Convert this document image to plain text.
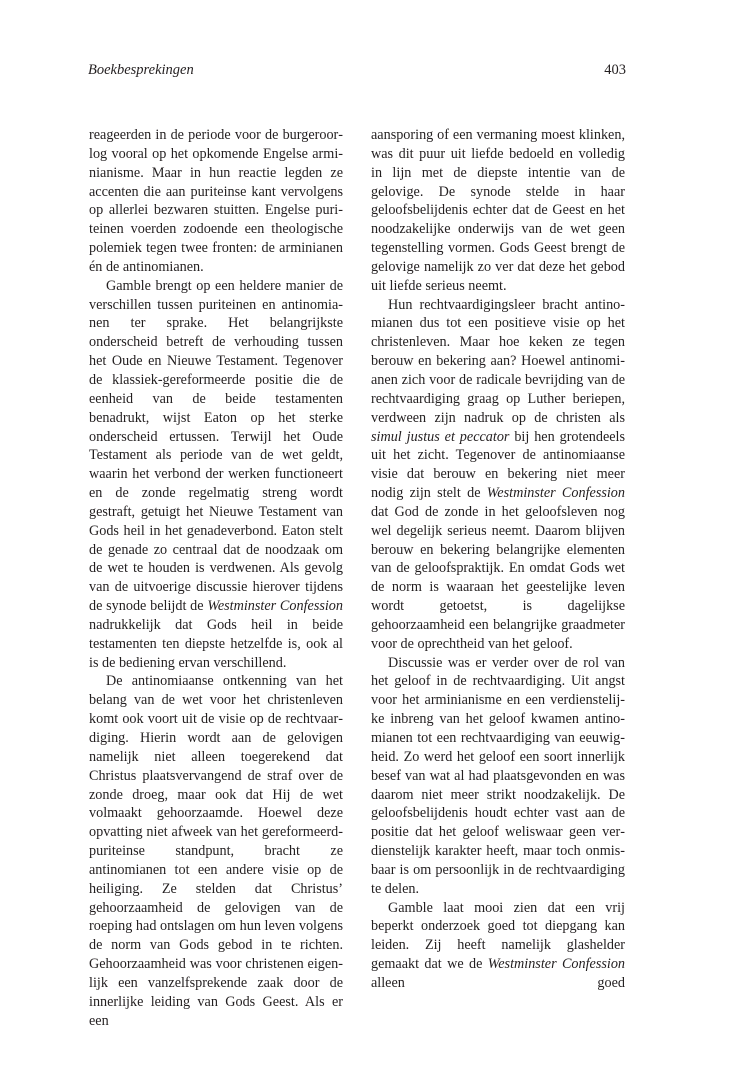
Boekbesprekingen	403

reageerden in de periode voor de burgeroorlog vooral op het opkomende Engelse arminianisme. Maar in hun reactie legden ze accenten die aan puriteinse kant vervolgens op allerlei bezwaren stuitten. Engelse puriteinen voerden zodoende een theologische polemiek tegen twee fronten: de arminianen én de antinomianen.

Gamble brengt op een heldere manier de verschillen tussen puriteinen en antinomianen ter sprake. Het belangrijkste onderscheid betreft de verhouding tussen het Oude en Nieuwe Testament. Tegenover de klassiek-gereformeerde positie die de eenheid van de beide testamenten benadrukt, wijst Eaton op het sterke onderscheid ertussen. Terwijl het Oude Testament als periode van de wet geldt, waarin het verbond der werken functioneert en de zonde regelmatig streng wordt gestraft, getuigt het Nieuwe Testament van Gods heil in het genadeverbond. Eaton stelt de genade zo centraal dat de noodzaak om de wet te houden is verdwenen. Als gevolg van de uitvoerige discussie hierover tijdens de synode belijdt de Westminster Confession nadrukkelijk dat Gods heil in beide testamenten ten diepste hetzelfde is, ook al is de bediening ervan verschillend.

De antinomiaanse ontkenning van het belang van de wet voor het christenleven komt ook voort uit de visie op de rechtvaardiging. Hierin wordt aan de gelovigen namelijk niet alleen toegerekend dat Christus plaatsvervangend de straf over de zonde droeg, maar ook dat Hij de wet volmaakt gehoorzaamde. Hoewel deze opvatting niet afweek van het gereformeerd-puriteinse standpunt, bracht ze antinomianen tot een andere visie op de heiliging. Ze stelden dat Christus’ gehoorzaamheid de gelovigen van de roeping had ontslagen om hun leven volgens de norm van Gods gebod in te richten. Gehoorzaamheid was voor christenen eigenlijk een vanzelfsprekende zaak door de innerlijke leiding van Gods Geest. Als er een

aansporing of een vermaning moest klinken, was dit puur uit liefde bedoeld en volledig in lijn met de diepste intentie van de gelovige. De synode stelde in haar geloofsbelijdenis echter dat de Geest en het noodzakelijke onderwijs van de wet geen tegenstelling vormen. Gods Geest brengt de gelovige namelijk zo ver dat deze het gebod uit liefde serieus neemt.

Hun rechtvaardigingsleer bracht antinomianen dus tot een positieve visie op het christenleven. Maar hoe keken ze tegen berouw en bekering aan? Hoewel antinomianen zich voor de radicale bevrijding van de rechtvaardiging graag op Luther beriepen, verdween zijn nadruk op de christen als simul justus et peccator bij hen grotendeels uit het zicht. Tegenover de antinomiaanse visie dat berouw en bekering niet meer nodig zijn stelt de Westminster Confession dat God de zonde in het geloofsleven nog wel degelijk serieus neemt. Daarom blijven berouw en bekering belangrijke elementen van de geloofspraktijk. En omdat Gods wet de norm is waaraan het geestelijke leven wordt getoetst, is dagelijkse gehoorzaamheid een belangrijke graadmeter voor de oprechtheid van het geloof.

Discussie was er verder over de rol van het geloof in de rechtvaardiging. Uit angst voor het arminianisme en een verdienstelijke inbreng van het geloof kwamen antinomianen tot een rechtvaardiging van eeuwigheid. Zo werd het geloof een soort innerlijk besef van wat al had plaatsgevonden en was daarom niet meer strikt noodzakelijk. De geloofsbelijdenis houdt echter vast aan de positie dat het geloof weliswaar geen verdienstelijk karakter heeft, maar toch onmisbaar is om persoonlijk in de rechtvaardiging te delen.

Gamble laat mooi zien dat een vrij beperkt onderzoek goed tot diepgang kan leiden. Zij heeft namelijk glashelder gemaakt dat we de Westminster Confession alleen goed
